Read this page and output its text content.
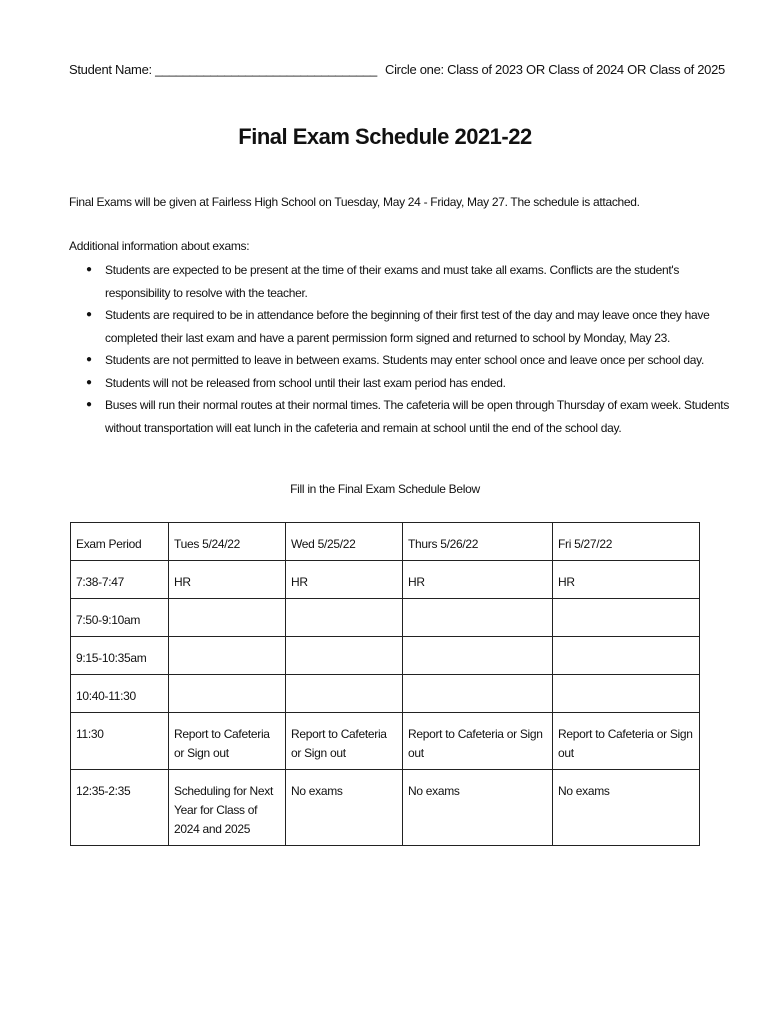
Student Name: ________________________________ Circle one: Class of 2023 OR Class of 2024 OR Class of 2025
Final Exam Schedule 2021-22
Final Exams will be given at Fairless High School on Tuesday, May 24 - Friday, May 27. The schedule is attached.
Additional information about exams:
● Students are expected to be present at the time of their exams and must take all exams. Conflicts are the student's responsibility to resolve with the teacher.
● Students are required to be in attendance before the beginning of their first test of the day and may leave once they have completed their last exam and have a parent permission form signed and returned to school by Monday, May 23.
● Students are not permitted to leave in between exams. Students may enter school once and leave once per school day.
● Students will not be released from school until their last exam period has ended.
● Buses will run their normal routes at their normal times. The cafeteria will be open through Thursday of exam week. Students without transportation will eat lunch in the cafeteria and remain at school until the end of the school day.
Fill in the Final Exam Schedule Below
Exam Period	Tues 5/24/22	Wed 5/25/22	Thurs 5/26/22	Fri 5/27/22
7:38-7:47	HR	HR	HR	HR
7:50-9:10am				
9:15-10:35am				
10:40-11:30				
11:30	Report to Cafeteria or Sign out	Report to Cafeteria or Sign out	Report to Cafeteria or Sign out	Report to Cafeteria or Sign out
12:35-2:35	Scheduling for Next Year for Class of 2024 and 2025	No exams	No exams	No exams
